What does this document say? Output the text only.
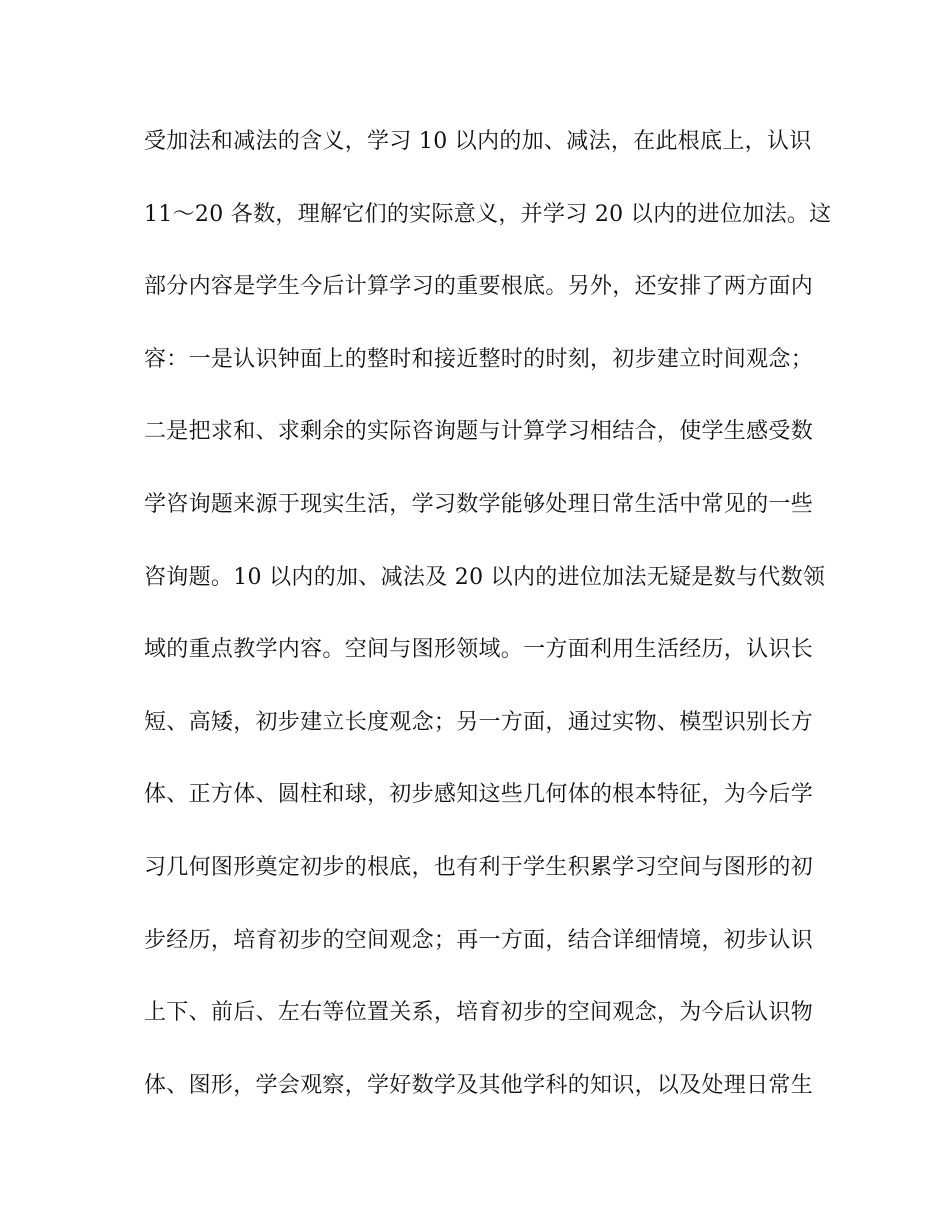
受加法和减法的含义，学习 10 以内的加、减法，在此根底上，认识
11～20 各数，理解它们的实际意义，并学习 20 以内的进位加法。这
部分内容是学生今后计算学习的重要根底。另外，还安排了两方面内
容：一是认识钟面上的整时和接近整时的时刻，初步建立时间观念；
二是把求和、求剩余的实际咨询题与计算学习相结合，使学生感受数
学咨询题来源于现实生活，学习数学能够处理日常生活中常见的一些
咨询题。10 以内的加、减法及 20 以内的进位加法无疑是数与代数领
域的重点教学内容。空间与图形领域。一方面利用生活经历，认识长
短、高矮，初步建立长度观念；另一方面，通过实物、模型识别长方
体、正方体、圆柱和球，初步感知这些几何体的根本特征，为今后学
习几何图形奠定初步的根底，也有利于学生积累学习空间与图形的初
步经历，培育初步的空间观念；再一方面，结合详细情境，初步认识
上下、前后、左右等位置关系，培育初步的空间观念，为今后认识物
体、图形，学会观察，学好数学及其他学科的知识，以及处理日常生
